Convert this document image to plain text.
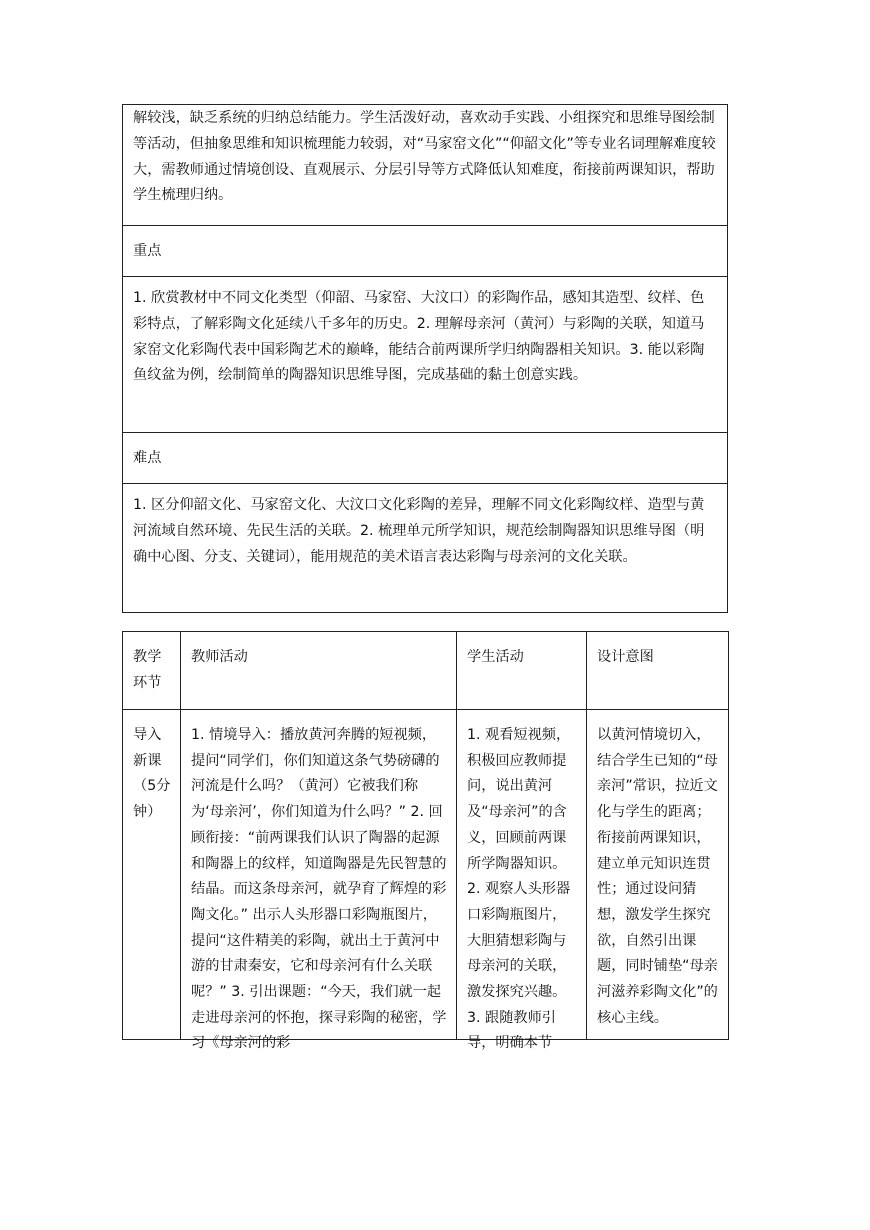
解较浅，缺乏系统的归纳总结能力。学生活泼好动，喜欢动手实践、小组探究和思维导图绘制等活动，但抽象思维和知识梳理能力较弱，对“马家窑文化”“仰韶文化”等专业名词理解难度较大，需教师通过情境创设、直观展示、分层引导等方式降低认知难度，衔接前两课知识，帮助学生梳理归纳。

重点

1. 欣赏教材中不同文化类型（仰韶、马家窑、大汶口）的彩陶作品，感知其造型、纹样、色彩特点，了解彩陶文化延续八千多年的历史。2. 理解母亲河（黄河）与彩陶的关联，知道马家窑文化彩陶代表中国彩陶艺术的巅峰，能结合前两课所学归纳陶器相关知识。3. 能以彩陶鱼纹盆为例，绘制简单的陶器知识思维导图，完成基础的黏土创意实践。

难点

1. 区分仰韶文化、马家窑文化、大汶口文化彩陶的差异，理解不同文化彩陶纹样、造型与黄河流域自然环境、先民生活的关联。2. 梳理单元所学知识，规范绘制陶器知识思维导图（明确中心图、分支、关键词），能用规范的美术语言表达彩陶与母亲河的文化关联。
教学环节	教师活动	学生活动	设计意图

导入新课（5分钟）	1. 情境导入：播放黄河奔腾的短视频，提问“同学们，你们知道这条气势磅礴的河流是什么吗？（黄河）它被我们称为‘母亲河’，你们知道为什么吗？” 2. 回顾衔接：“前两课我们认识了陶器的起源和陶器上的纹样，知道陶器是先民智慧的结晶。而这条母亲河，就孕育了辉煌的彩陶文化。” 出示人头形器口彩陶瓶图片，提问“这件精美的彩陶，就出土于黄河中游的甘肃秦安，它和母亲河有什么关联呢？” 3. 引出课题：“今天，我们就一起走进母亲河的怀抱，探寻彩陶的秘密，学习《母亲河的彩	1. 观看短视频，积极回应教师提问，说出黄河及“母亲河”的含义，回顾前两课所学陶器知识。2. 观察人头形器口彩陶瓶图片，大胆猜想彩陶与母亲河的关联，激发探究兴趣。3. 跟随教师引导，明确本节	以黄河情境切入，结合学生已知的“母亲河”常识，拉近文化与学生的距离；衔接前两课知识，建立单元知识连贯性；通过设问猜想，激发学生探究欲，自然引出课题，同时铺垫“母亲河滋养彩陶文化”的核心主线。
